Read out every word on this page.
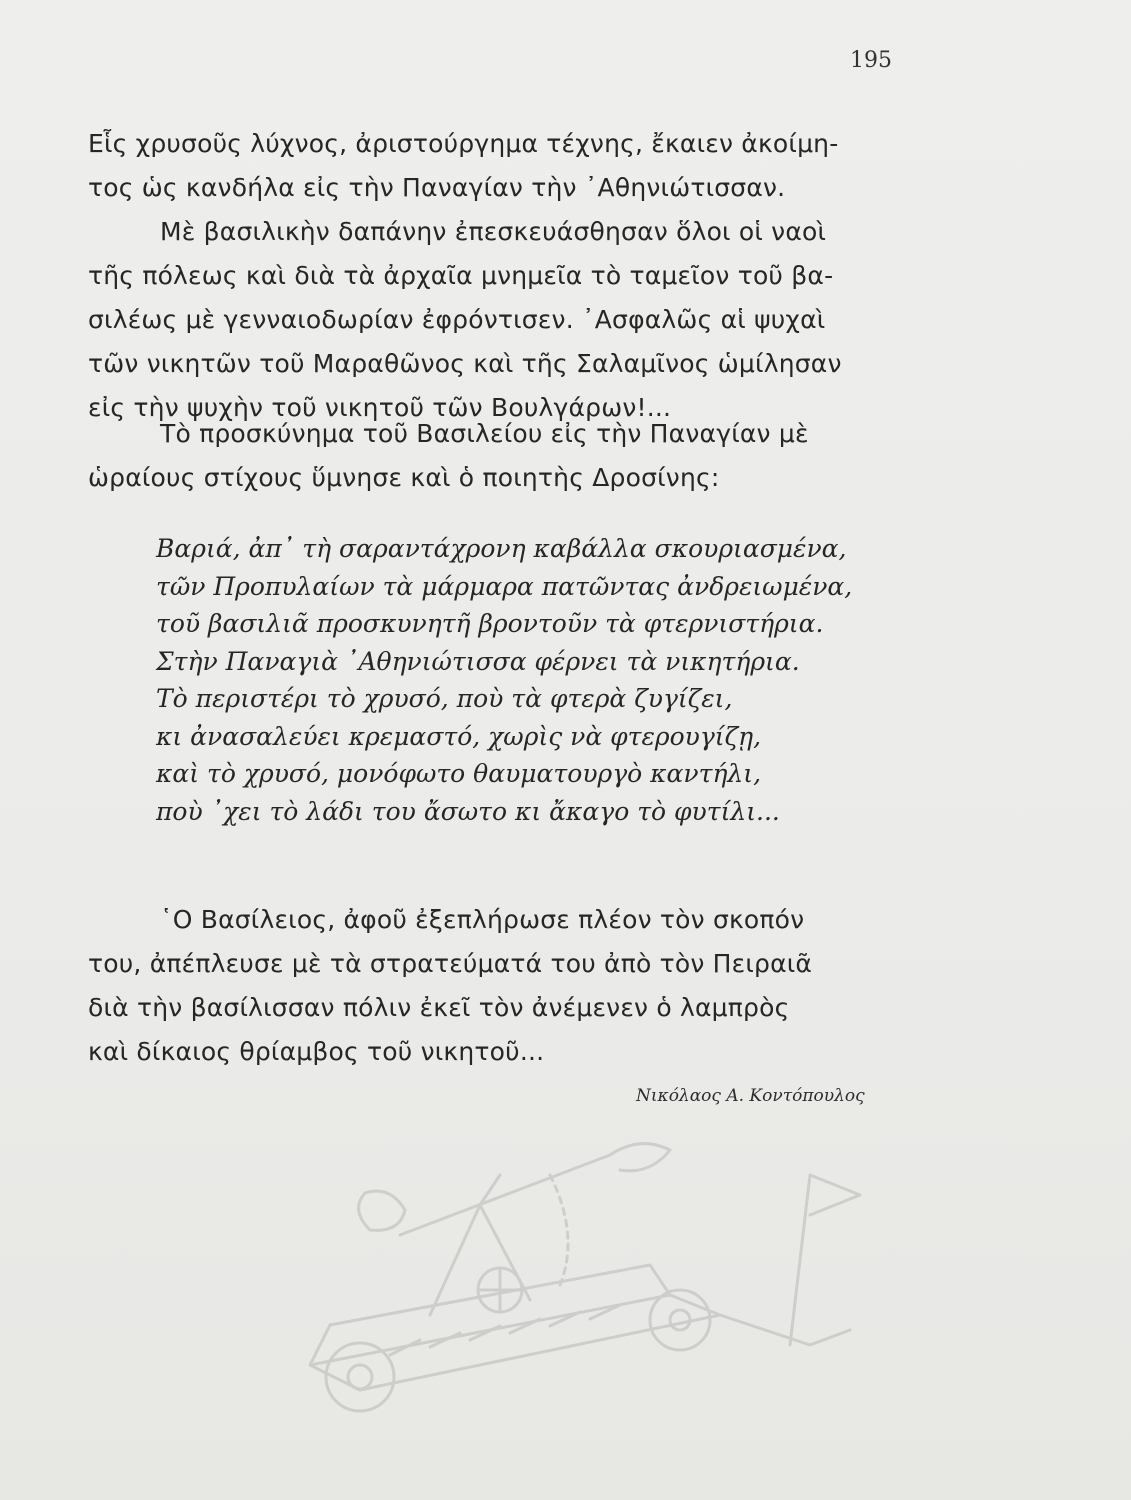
195
Εἷς χρυσοῦς λύχνος, ἀριστούργημα τέχνης, ἔκαιεν ἀκοίμη-
τος ὡς κανδήλα εἰς τὴν Παναγίαν τὴν ᾿Αθηνιώτισσαν.
Μὲ βασιλικὴν δαπάνην ἐπεσκευάσθησαν ὅλοι οἱ ναοὶ
τῆς πόλεως καὶ διὰ τὰ ἀρχαῖα μνημεῖα τὸ ταμεῖον τοῦ βα-
σιλέως μὲ γενναιοδωρίαν ἐφρόντισεν. ᾿Ασφαλῶς αἱ ψυχαὶ
τῶν νικητῶν τοῦ Μαραθῶνος καὶ τῆς Σαλαμῖνος ὡμίλησαν
εἰς τὴν ψυχὴν τοῦ νικητοῦ τῶν Βουλγάρων!...
Τὸ προσκύνημα τοῦ Βασιλείου εἰς τὴν Παναγίαν μὲ
ὡραίους στίχους ὕμνησε καὶ ὁ ποιητὴς Δροσίνης:
Βαριά, ἀπ᾿ τὴ σαραντάχρονη καβάλλα σκουριασμένα,
τῶν Προπυλαίων τὰ μάρμαρα πατῶντας ἀνδρειωμένα,
τοῦ βασιλιᾶ προσκυνητῆ βροντοῦν τὰ φτερνιστήρια.
Στὴν Παναγιὰ ᾿Αθηνιώτισσα φέρνει τὰ νικητήρια.
Τὸ περιστέρι τὸ χρυσό, ποὺ τὰ φτερὰ ζυγίζει,
κι ἀνασαλεύει κρεμαστό, χωρὶς νὰ φτερουγίζῃ,
καὶ τὸ χρυσό, μονόφωτο θαυματουργὸ καντήλι,
ποὺ ᾿χει τὸ λάδι του ἄσωτο κι ἄκαγο τὸ φυτίλι...
῾Ο Βασίλειος, ἀφοῦ ἐξεπλήρωσε πλέον τὸν σκοπόν
του, ἀπέπλευσε μὲ τὰ στρατεύματά του ἀπὸ τὸν Πειραιᾶ
διὰ τὴν βασίλισσαν πόλιν ἐκεῖ τὸν ἀνέμενεν ὁ λαμπρὸς
καὶ δίκαιος θρίαμβος τοῦ νικητοῦ...
Νικόλαος Α. Κοντόπουλος
